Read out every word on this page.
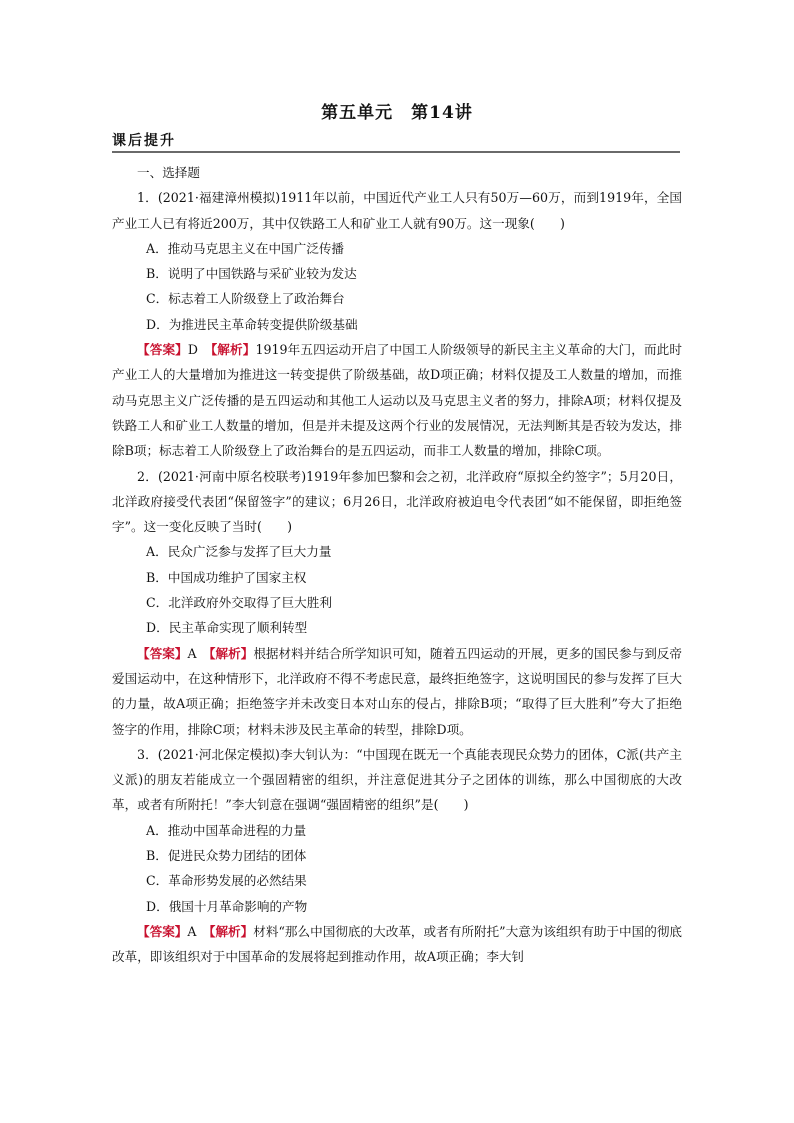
第五单元　第14讲
课后提升

一、选择题

1．(2021·福建漳州模拟)1911年以前，中国近代产业工人只有50万—60万，而到1919年，全国产业工人已有将近200万，其中仅铁路工人和矿业工人就有90万。这一现象(　　)

A．推动马克思主义在中国广泛传播

B．说明了中国铁路与采矿业较为发达

C．标志着工人阶级登上了政治舞台

D．为推进民主革命转变提供阶级基础

【答案】D　 【解析】1919年五四运动开启了中国工人阶级领导的新民主主义革命的大门，而此时产业工人的大量增加为推进这一转变提供了阶级基础，故D项正确；材料仅提及工人数量的增加，而推动马克思主义广泛传播的是五四运动和其他工人运动以及马克思主义者的努力，排除A项；材料仅提及铁路工人和矿业工人数量的增加，但是并未提及这两个行业的发展情况，无法判断其是否较为发达，排除B项；标志着工人阶级登上了政治舞台的是五四运动，而非工人数量的增加，排除C项。

2．(2021·河南中原名校联考)1919年参加巴黎和会之初，北洋政府“原拟全约签字”；5月20日，北洋政府接受代表团“保留签字”的建议；6月26日，北洋政府被迫电令代表团“如不能保留，即拒绝签字”。这一变化反映了当时(　　)

A．民众广泛参与发挥了巨大力量

B．中国成功维护了国家主权

C．北洋政府外交取得了巨大胜利

D．民主革命实现了顺利转型

【答案】A　 【解析】根据材料并结合所学知识可知，随着五四运动的开展，更多的国民参与到反帝爱国运动中，在这种情形下，北洋政府不得不考虑民意，最终拒绝签字，这说明国民的参与发挥了巨大的力量，故A项正确；拒绝签字并未改变日本对山东的侵占，排除B项；“取得了巨大胜利”夸大了拒绝签字的作用，排除C项；材料未涉及民主革命的转型，排除D项。

3．(2021·河北保定模拟)李大钊认为：“中国现在既无一个真能表现民众势力的团体，C派(共产主义派)的朋友若能成立一个强固精密的组织，并注意促进其分子之团体的训练，那么中国彻底的大改革，或者有所附托！”李大钊意在强调“强固精密的组织”是(　　)

A．推动中国革命进程的力量

B．促进民众势力团结的团体

C．革命形势发展的必然结果

D．俄国十月革命影响的产物

【答案】A　 【解析】材料“那么中国彻底的大改革，或者有所附托”大意为该组织有助于中国的彻底改革，即该组织对于中国革命的发展将起到推动作用，故A项正确；李大钊
